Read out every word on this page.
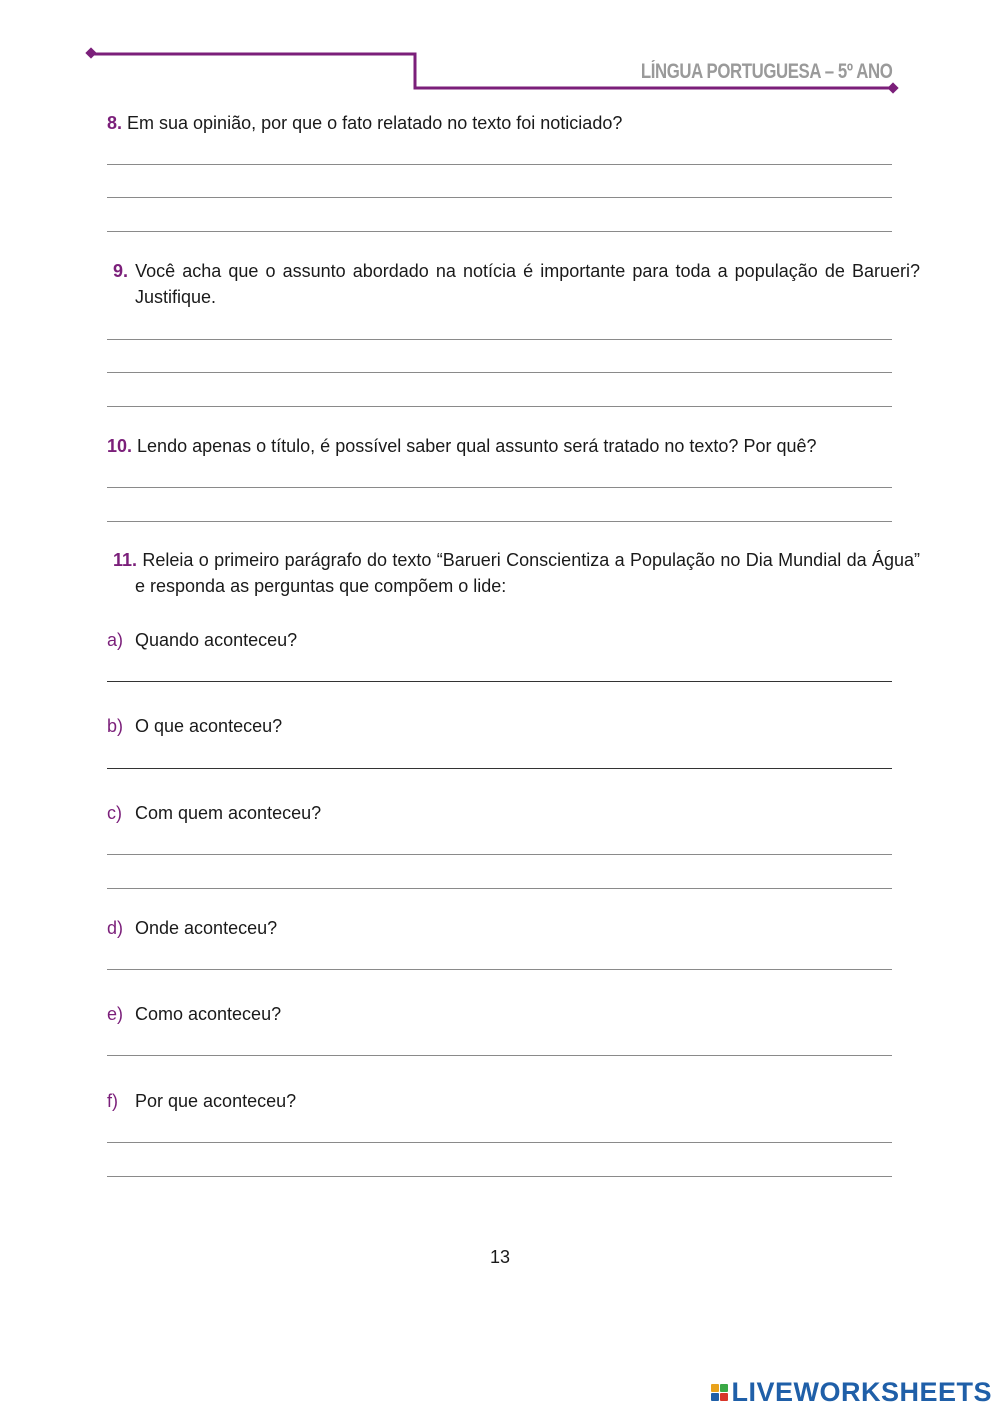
LÍNGUA PORTUGUESA – 5º ANO
8. Em sua opinião, por que o fato relatado no texto foi noticiado?
9. Você acha que o assunto abordado na notícia é importante para toda a população de Barueri? Justifique.
10. Lendo apenas o título, é possível saber qual assunto será tratado no texto? Por quê?
11. Releia o primeiro parágrafo do texto “Barueri Conscientiza a População no Dia Mundial da Água” e responda as perguntas que compõem o lide:
a) Quando aconteceu?
b) O que aconteceu?
c) Com quem aconteceu?
d) Onde aconteceu?
e) Como aconteceu?
f) Por que aconteceu?
13
LIVEWORKSHEETS
